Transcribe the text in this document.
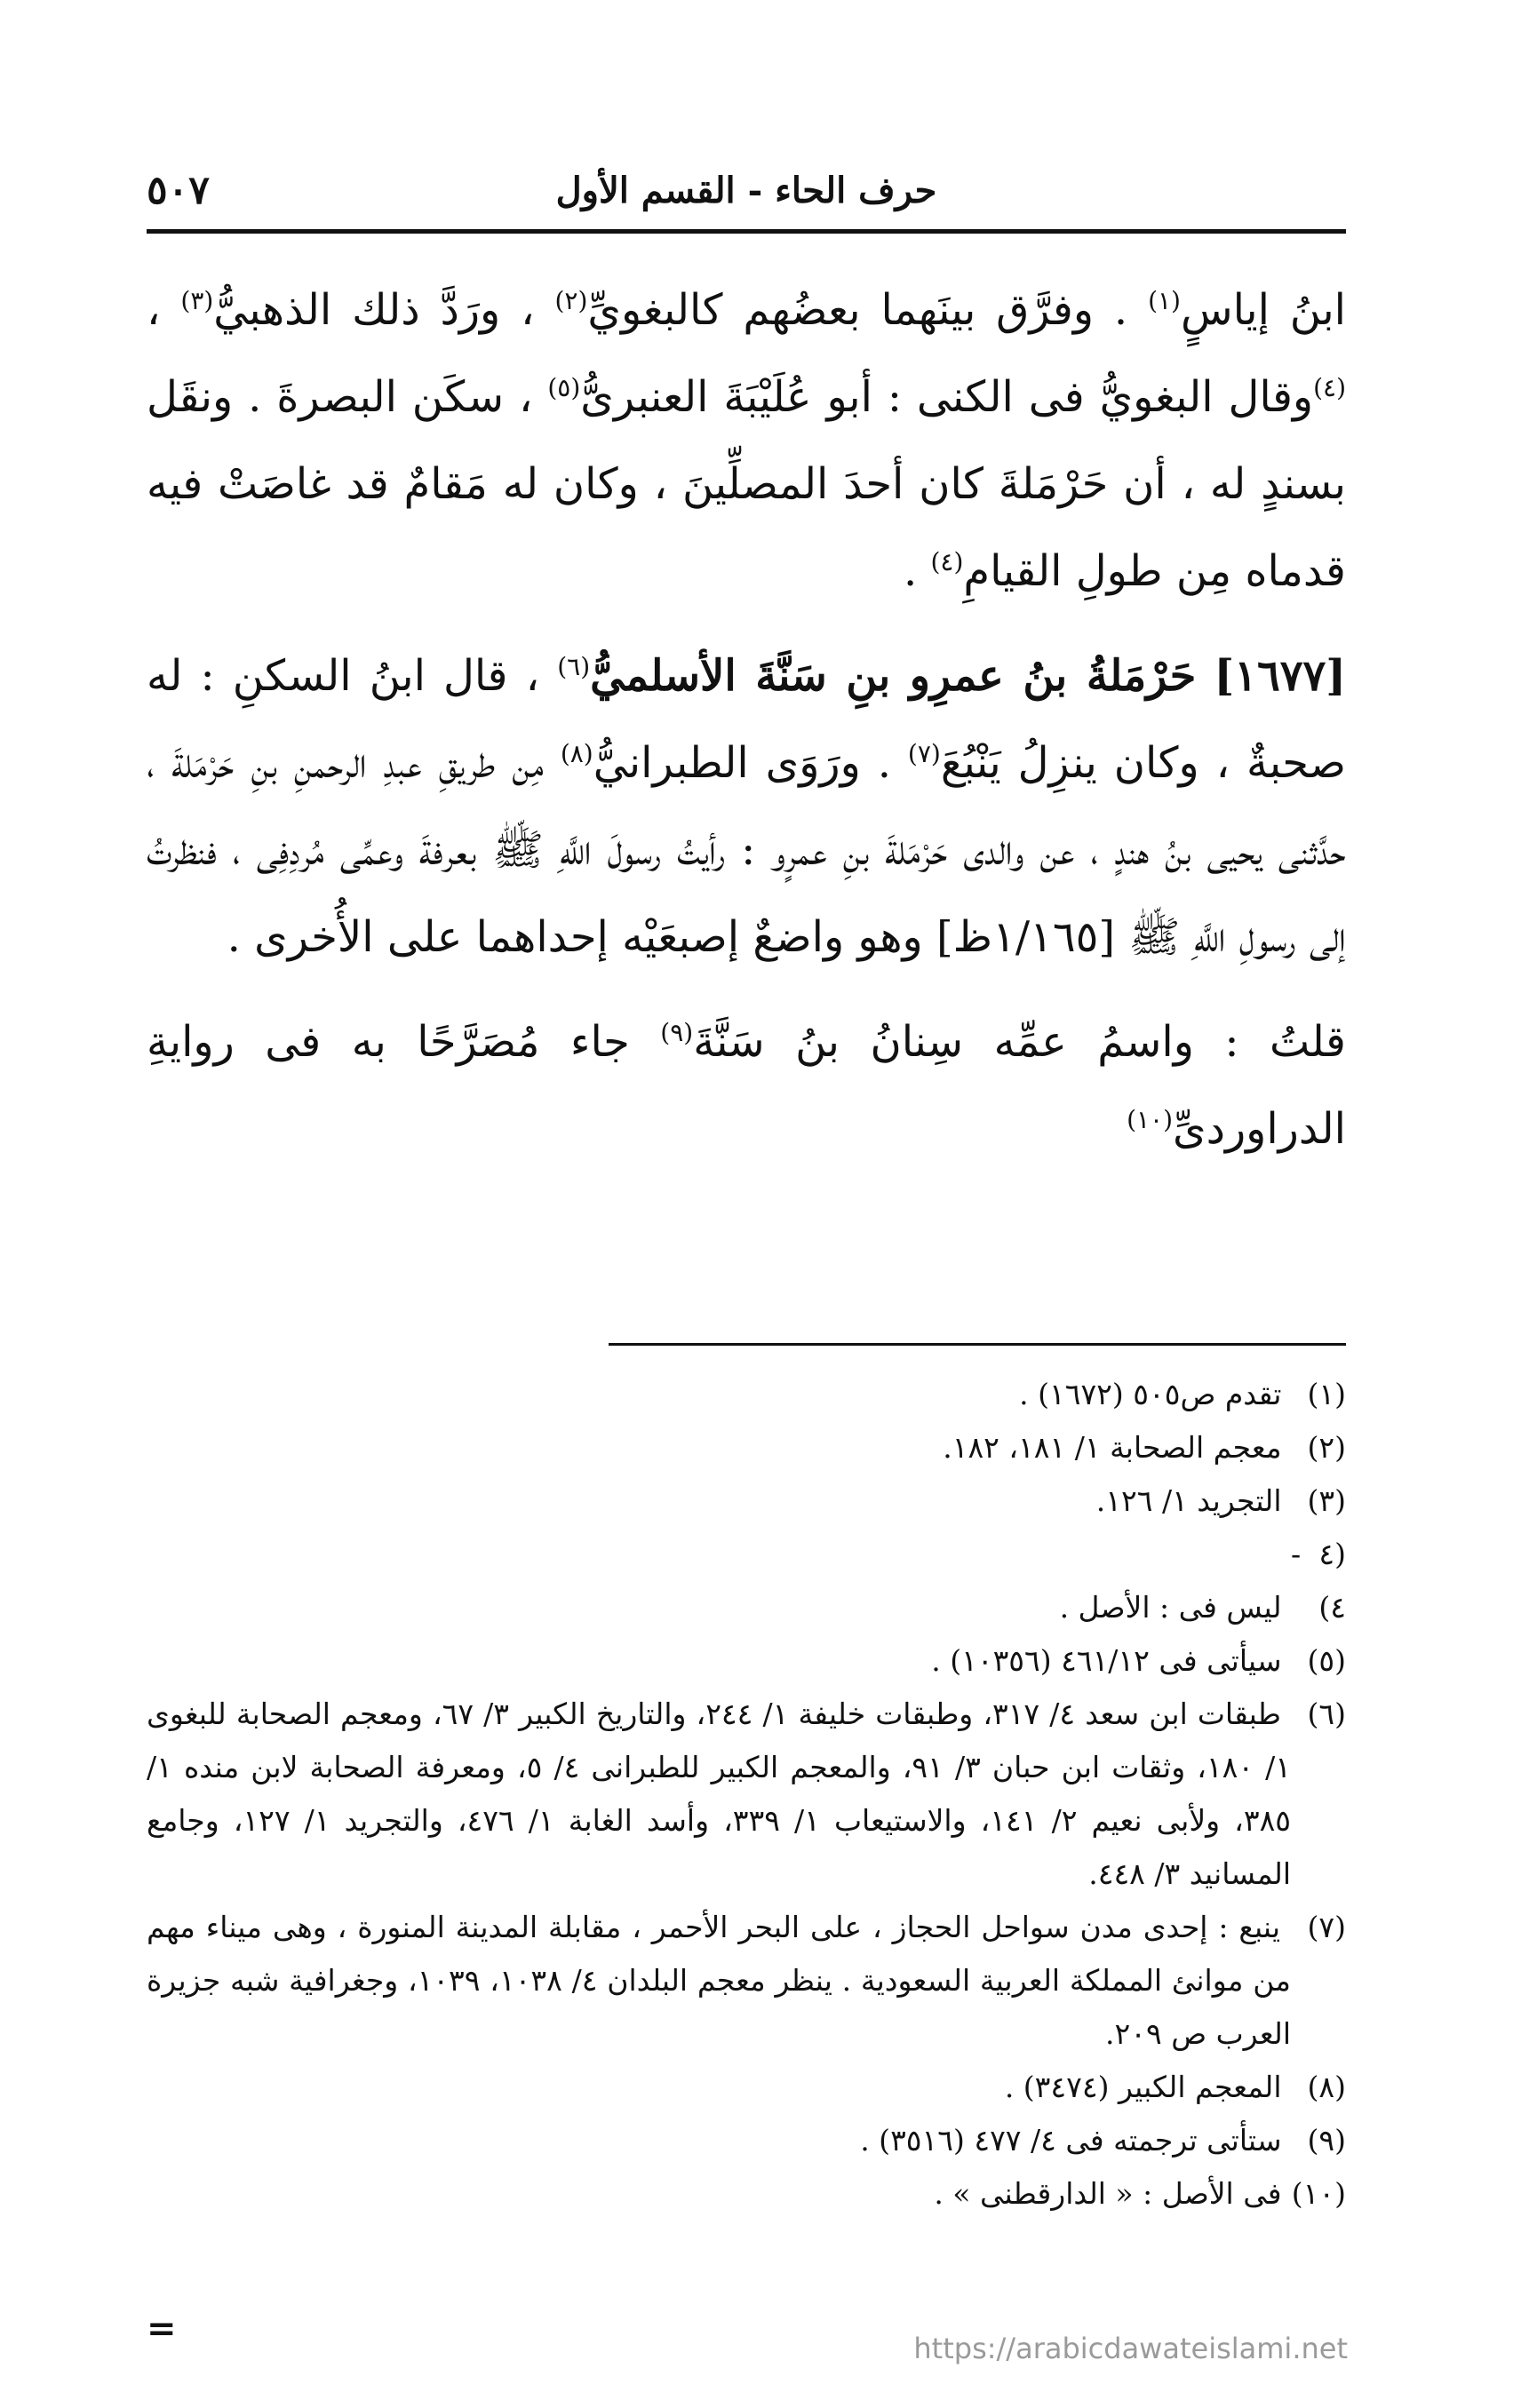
حرف الحاء - القسم الأول
٥٠٧

ابنُ إياسٍ$^{(١)}$ . وفرَّق بينَهما بعضُهم كالبغويِّ$^{(٢)}$ ، ورَدَّ ذلك الذهبيُّ$^{(٣)}$ ، $^{(٤)}$وقال البغويُّ فى الكنى : أبو عُلَيْبَةَ العنبرىُّ$^{(٥)}$ ، سكَن البصرةَ . ونقَل بسندٍ له ، أن حَرْمَلةَ كان أحدَ المصلِّينَ ، وكان له مَقامٌ قد غاصَتْ فيه قدماه مِن طولِ القيامِ$^{(٤)}$ .

[١٦٧٧] حَرْمَلةُ بنُ عمرِو بنِ سَنَّةَ الأسلميُّ$^{(٦)}$ ، قال ابنُ السكنِ : له صحبةٌ ، وكان ينزِلُ يَنْبُعَ$^{(٧)}$ . ورَوَى الطبرانيُّ$^{(٨)}$ مِن طريقِ عبدِ الرحمنِ بنِ حَرْمَلةَ ، حدَّثنى يحيى بنُ هندٍ ، عن والدى حَرْمَلةَ بنِ عمرٍو : رأيتُ رسولَ اللَّهِ ﷺ بعرفةَ وعمِّى مُردِفِى ، فنظرتُ إلى رسولِ اللَّهِ ﷺ [١/١٦٥ظ] وهو واضعٌ إصبعَيْه إحداهما على الأُخرى .

قلتُ : واسمُ عمِّه سِنانُ بنُ سَنَّةَ$^{(٩)}$ جاء مُصَرَّحًا به فى روايةِ الدراوردىِّ$^{(١٠)}$

(١) تقدم ص٥٠٥ (١٦٧٢) .

(٢) معجم الصحابة ١/ ١٨١، ١٨٢.

(٣) التجريد ١/ ١٢٦.

(٤ - ٤) ليس فى : الأصل .

(٥) سيأتى فى ٤٦١/١٢ (١٠٣٥٦) .

(٦) طبقات ابن سعد ٤/ ٣١٧، وطبقات خليفة ١/ ٢٤٤، والتاريخ الكبير ٣/ ٦٧، ومعجم الصحابة للبغوى ١/ ١٨٠، وثقات ابن حبان ٣/ ٩١، والمعجم الكبير للطبرانى ٤/ ٥، ومعرفة الصحابة لابن منده ١/ ٣٨٥، ولأبى نعيم ٢/ ١٤١، والاستيعاب ١/ ٣٣٩، وأسد الغابة ١/ ٤٧٦، والتجريد ١/ ١٢٧، وجامع المسانيد ٣/ ٤٤٨.

(٧) ينبع : إحدى مدن سواحل الحجاز ، على البحر الأحمر ، مقابلة المدينة المنورة ، وهى ميناء مهم من موانئ المملكة العربية السعودية . ينظر معجم البلدان ٤/ ١٠٣٨، ١٠٣٩، وجغرافية شبه جزيرة العرب ص ٢٠٩.

(٨) المعجم الكبير (٣٤٧٤) .

(٩) ستأتى ترجمته فى ٤/ ٤٧٧ (٣٥١٦) .

(١٠) فى الأصل : « الدارقطنى » .

=	https://arabicdawateislami.net
